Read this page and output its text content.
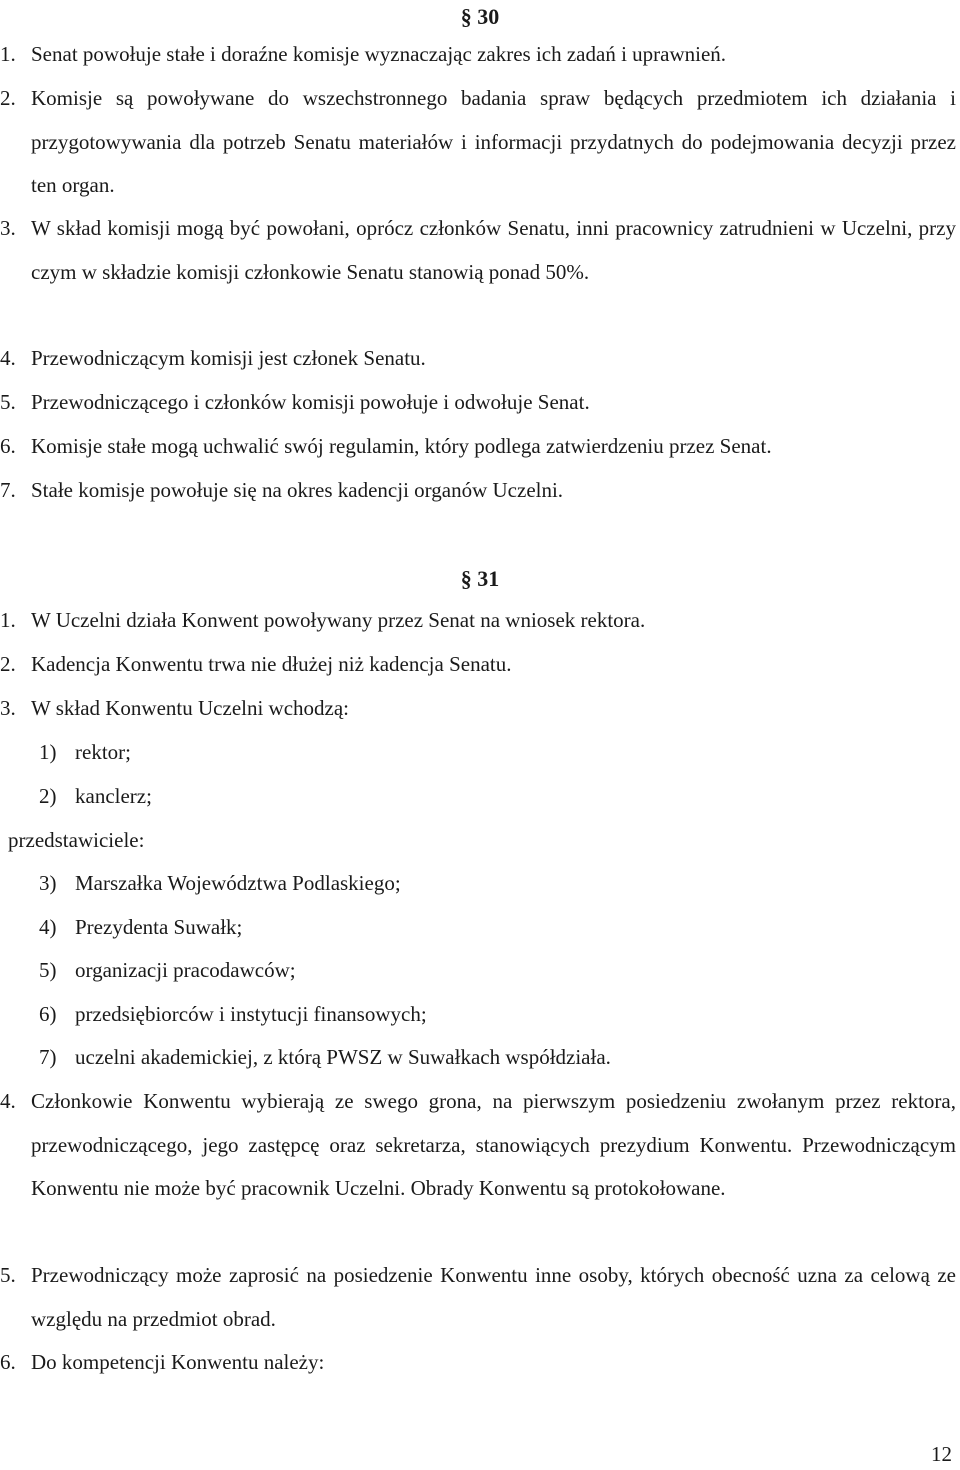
§ 30
1. Senat powołuje stałe i doraźne komisje wyznaczając zakres ich zadań i uprawnień.
2. Komisje są powoływane do wszechstronnego badania spraw będących przedmiotem ich działania i przygotowywania dla potrzeb Senatu materiałów i informacji przydatnych do podejmowania decyzji przez ten organ.
3. W skład komisji mogą być powołani, oprócz członków Senatu, inni pracownicy zatrudnieni w Uczelni, przy czym w składzie komisji członkowie Senatu stanowią ponad 50%.
4. Przewodniczącym komisji jest członek Senatu.
5. Przewodniczącego i członków komisji powołuje i odwołuje Senat.
6. Komisje stałe mogą uchwalić swój regulamin, który podlega zatwierdzeniu przez Senat.
7. Stałe komisje powołuje się na okres kadencji organów Uczelni.
§ 31
1. W Uczelni działa Konwent powoływany przez Senat na wniosek rektora.
2. Kadencja Konwentu trwa nie dłużej niż kadencja Senatu.
3. W skład Konwentu Uczelni wchodzą:
1) rektor;
2) kanclerz;
przedstawiciele:
3) Marszałka Województwa Podlaskiego;
4) Prezydenta Suwałk;
5) organizacji pracodawców;
6) przedsiębiorców i instytucji finansowych;
7) uczelni akademickiej, z którą PWSZ w Suwałkach współdziała.
4. Członkowie Konwentu wybierają ze swego grona, na pierwszym posiedzeniu zwołanym przez rektora, przewodniczącego, jego zastępcę oraz sekretarza, stanowiących prezydium Konwentu. Przewodniczącym Konwentu nie może być pracownik Uczelni. Obrady Konwentu są protokołowane.
5. Przewodniczący może zaprosić na posiedzenie Konwentu inne osoby, których obecność uzna za celową ze względu na przedmiot obrad.
6. Do kompetencji Konwentu należy:
12
